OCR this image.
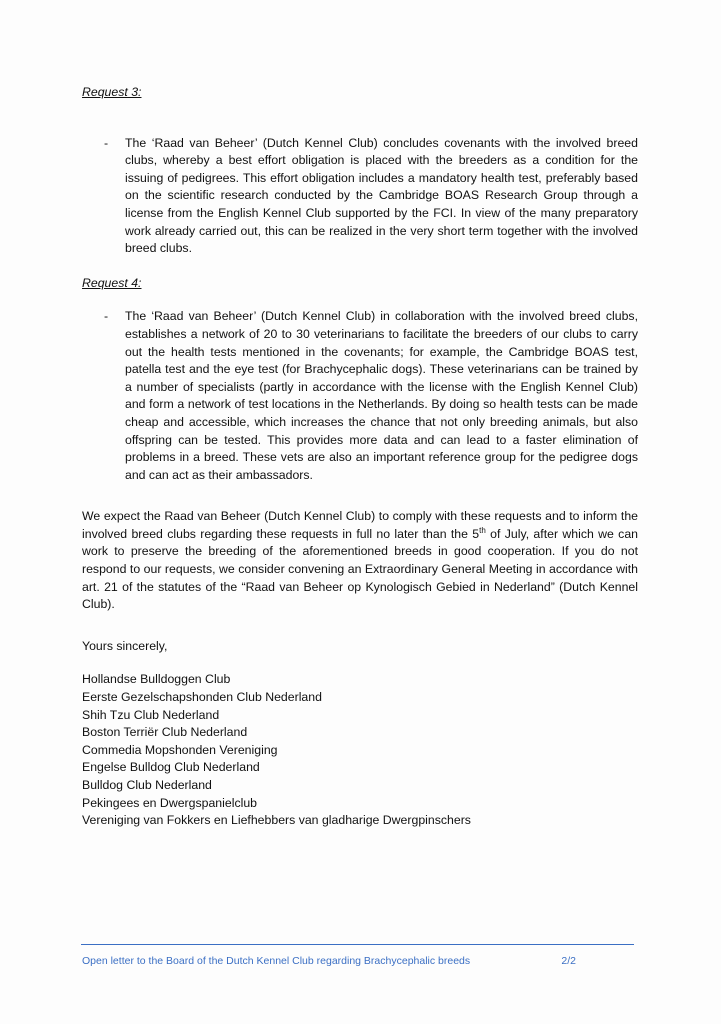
Request 3:

- The ‘Raad van Beheer’ (Dutch Kennel Club) concludes covenants with the involved breed clubs, whereby a best effort obligation is placed with the breeders as a condition for the issuing of pedigrees. This effort obligation includes a mandatory health test, preferably based on the scientific research conducted by the Cambridge BOAS Research Group through a license from the English Kennel Club supported by the FCI. In view of the many preparatory work already carried out, this can be realized in the very short term together with the involved breed clubs.

Request 4:

- The ‘Raad van Beheer’ (Dutch Kennel Club) in collaboration with the involved breed clubs, establishes a network of 20 to 30 veterinarians to facilitate the breeders of our clubs to carry out the health tests mentioned in the covenants; for example, the Cambridge BOAS test, patella test and the eye test (for Brachycephalic dogs). These veterinarians can be trained by a number of specialists (partly in accordance with the license with the English Kennel Club) and form a network of test locations in the Netherlands. By doing so health tests can be made cheap and accessible, which increases the chance that not only breeding animals, but also offspring can be tested. This provides more data and can lead to a faster elimination of problems in a breed. These vets are also an important reference group for the pedigree dogs and can act as their ambassadors.

We expect the Raad van Beheer (Dutch Kennel Club) to comply with these requests and to inform the involved breed clubs regarding these requests in full no later than the 5th of July, after which we can work to preserve the breeding of the aforementioned breeds in good cooperation. If you do not respond to our requests, we consider convening an Extraordinary General Meeting in accordance with art. 21 of the statutes of the “Raad van Beheer op Kynologisch Gebied in Nederland” (Dutch Kennel Club).

Yours sincerely,

Hollandse Bulldoggen Club
Eerste Gezelschapshonden Club Nederland
Shih Tzu Club Nederland
Boston Terriër Club Nederland
Commedia Mopshonden Vereniging
Engelse Bulldog Club Nederland
Bulldog Club Nederland
Pekingees en Dwergspanielclub
Vereniging van Fokkers en Liefhebbers van gladharige Dwergpinschers
Open letter to the Board of the Dutch Kennel Club regarding Brachycephalic breeds	2/2
